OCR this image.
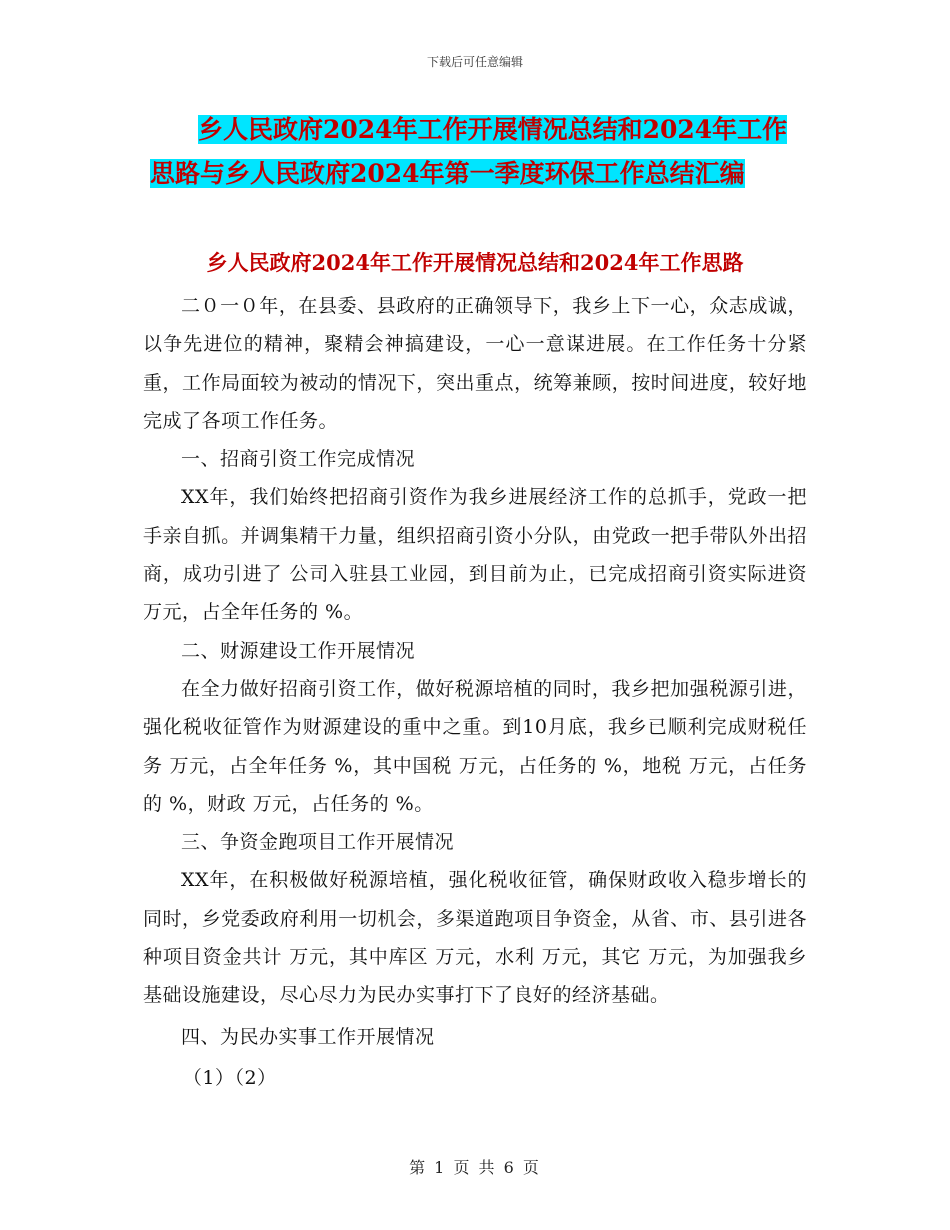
下载后可任意编辑
乡人民政府2024年工作开展情况总结和2024年工作
思路与乡人民政府2024年第一季度环保工作总结汇编
乡人民政府2024年工作开展情况总结和2024年工作思路

二０一０年，在县委、县政府的正确领导下，我乡上下一心，众志成诚，以争先进位的精神，聚精会神搞建设，一心一意谋进展。在工作任务十分紧重，工作局面较为被动的情况下，突出重点，统筹兼顾，按时间进度，较好地完成了各项工作任务。

一、招商引资工作完成情况

XX年，我们始终把招商引资作为我乡进展经济工作的总抓手，党政一把手亲自抓。并调集精干力量，组织招商引资小分队，由党政一把手带队外出招商，成功引进了 公司入驻县工业园，到目前为止，已完成招商引资实际进资 万元，占全年任务的 %。

二、财源建设工作开展情况

在全力做好招商引资工作，做好税源培植的同时，我乡把加强税源引进，强化税收征管作为财源建设的重中之重。到10月底，我乡已顺利完成财税任务 万元，占全年任务 %，其中国税 万元，占任务的 %，地税 万元，占任务的 %，财政 万元，占任务的 %。

三、争资金跑项目工作开展情况

XX年，在积极做好税源培植，强化税收征管，确保财政收入稳步增长的同时，乡党委政府利用一切机会，多渠道跑项目争资金，从省、市、县引进各种项目资金共计 万元，其中库区 万元，水利 万元，其它 万元，为加强我乡基础设施建设，尽心尽力为民办实事打下了良好的经济基础。

四、为民办实事工作开展情况

（1）（2）

第 1 页 共 6 页
